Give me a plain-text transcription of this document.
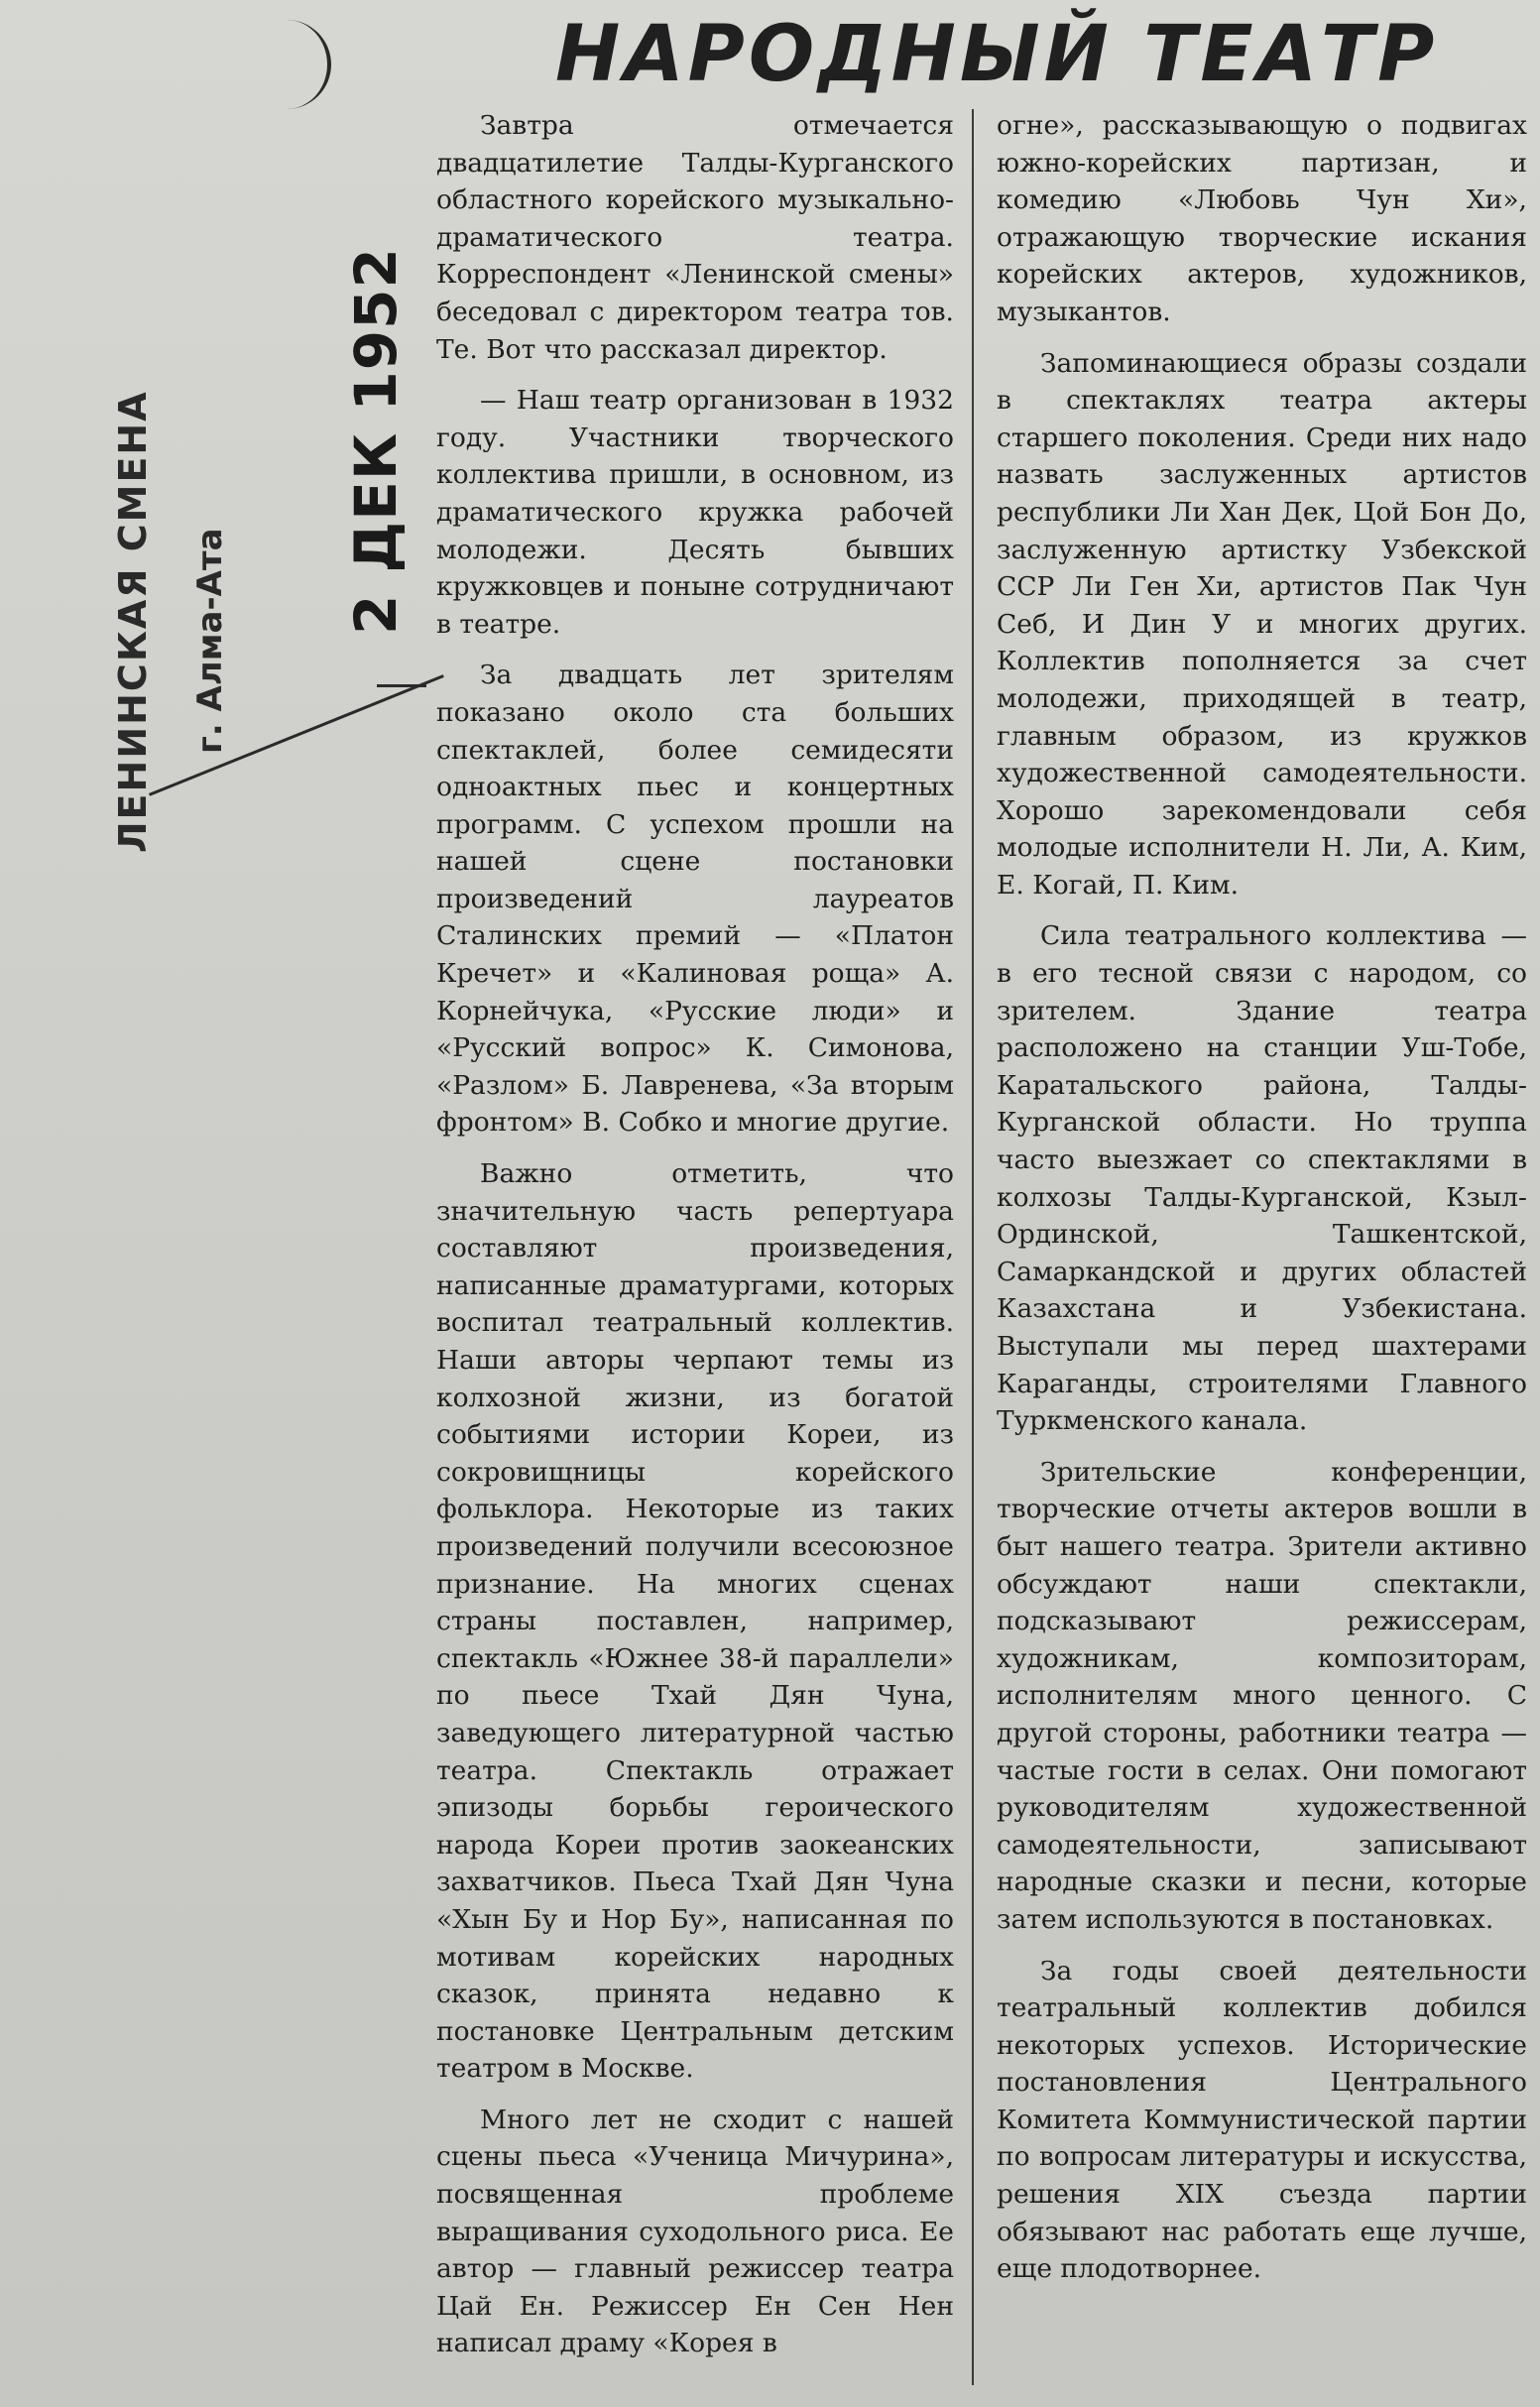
ЛЕНИНСКАЯ СМЕНА г. Алма-Ата
2 ДЕК 1952
НАРОДНЫЙ ТЕАТР

Завтра отмечается двадцатилетие Талды-Курганского областного корейского музыкально-драматического театра. Корреспондент «Ленинской смены» беседовал с директором театра тов. Те. Вот что рассказал директор.

— Наш театр организован в 1932 году. Участники творческого коллектива пришли, в основном, из драматического кружка рабочей молодежи. Десять бывших кружковцев и поныне сотрудничают в театре.

За двадцать лет зрителям показано около ста больших спектаклей, более семидесяти одноактных пьес и концертных программ. С успехом прошли на нашей сцене постановки произведений лауреатов Сталинских премий — «Платон Кречет» и «Калиновая роща» А. Корнейчука, «Русские люди» и «Русский вопрос» К. Симонова, «Разлом» Б. Лавренева, «За вторым фронтом» В. Собко и многие другие.

Важно отметить, что значительную часть репертуара составляют произведения, написанные драматургами, которых воспитал театральный коллектив. Наши авторы черпают темы из колхозной жизни, из богатой событиями истории Кореи, из сокровищницы корейского фольклора. Некоторые из таких произведений получили всесоюзное признание. На многих сценах страны поставлен, например, спектакль «Южнее 38-й параллели» по пьесе Тхай Дян Чуна, заведующего литературной частью театра. Спектакль отражает эпизоды борьбы героического народа Кореи против заокеанских захватчиков. Пьеса Тхай Дян Чуна «Хын Бу и Нор Бу», написанная по мотивам корейских народных сказок, принята недавно к постановке Центральным детским театром в Москве.

Много лет не сходит с нашей сцены пьеса «Ученица Мичурина», посвященная проблеме выращивания суходольного риса. Ее автор — главный режиссер театра Цай Ен. Режиссер Ен Сен Нен написал драму «Корея в

огне», рассказывающую о подвигах южно-корейских партизан, и комедию «Любовь Чун Хи», отражающую творческие искания корейских актеров, художников, музыкантов.

Запоминающиеся образы создали в спектаклях театра актеры старшего поколения. Среди них надо назвать заслуженных артистов республики Ли Хан Дек, Цой Бон До, заслуженную артистку Узбекской ССР Ли Ген Хи, артистов Пак Чун Себ, И Дин У и многих других. Коллектив пополняется за счет молодежи, приходящей в театр, главным образом, из кружков художественной самодеятельности. Хорошо зарекомендовали себя молодые исполнители Н. Ли, А. Ким, Е. Когай, П. Ким.

Сила театрального коллектива — в его тесной связи с народом, со зрителем. Здание театра расположено на станции Уш-Тобе, Каратальского района, Талды-Курганской области. Но труппа часто выезжает со спектаклями в колхозы Талды-Курганской, Кзыл-Ординской, Ташкентской, Самаркандской и других областей Казахстана и Узбекистана. Выступали мы перед шахтерами Караганды, строителями Главного Туркменского канала.

Зрительские конференции, творческие отчеты актеров вошли в быт нашего театра. Зрители активно обсуждают наши спектакли, подсказывают режиссерам, художникам, композиторам, исполнителям много ценного. С другой стороны, работники театра — частые гости в селах. Они помогают руководителям художественной самодеятельности, записывают народные сказки и песни, которые затем используются в постановках.

За годы своей деятельности театральный коллектив добился некоторых успехов. Исторические постановления Центрального Комитета Коммунистической партии по вопросам литературы и искусства, решения XIX съезда партии обязывают нас работать еще лучше, еще плодотворнее.
